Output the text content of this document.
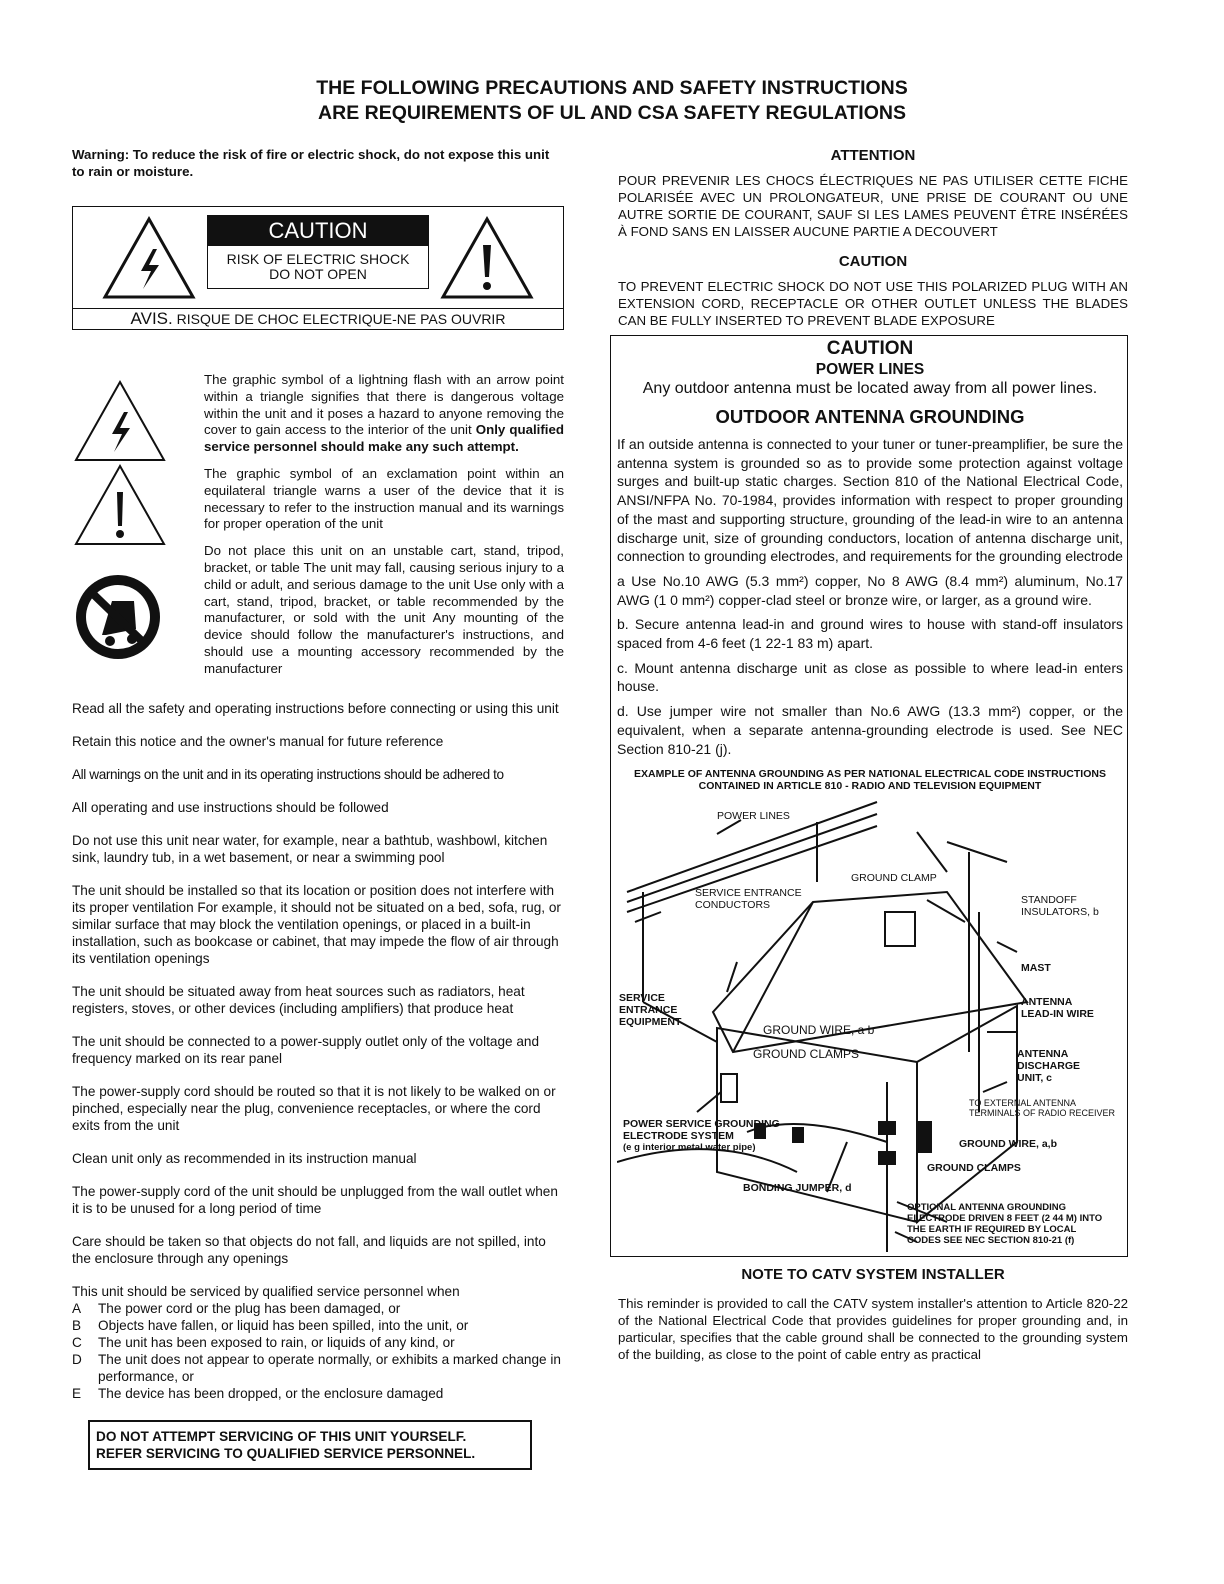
THE FOLLOWING PRECAUTIONS AND SAFETY INSTRUCTIONS
ARE REQUIREMENTS OF UL AND CSA SAFETY REGULATIONS
Warning: To reduce the risk of fire or electric shock, do not expose this unit to rain or moisture.
CAUTION
RISK OF ELECTRIC SHOCK
DO NOT OPEN
AVIS. RISQUE DE CHOC ELECTRIQUE-NE PAS OUVRIR
The graphic symbol of a lightning flash with an arrow point within a triangle signifies that there is dangerous voltage within the unit and it poses a hazard to anyone removing the cover to gain access to the interior of the unit Only qualified service personnel should make any such attempt.
The graphic symbol of an exclamation point within an equilateral triangle warns a user of the device that it is necessary to refer to the instruction manual and its warnings for proper operation of the unit
Do not place this unit on an unstable cart, stand, tripod, bracket, or table The unit may fall, causing serious injury to a child or adult, and serious damage to the unit Use only with a cart, stand, tripod, bracket, or table recommended by the manufacturer, or sold with the unit Any mounting of the device should follow the manufacturer's instructions, and should use a mounting accessory recommended by the manufacturer

Read all the safety and operating instructions before connecting or using this unit

Retain this notice and the owner's manual for future reference

All warnings on the unit and in its operating instructions should be adhered to

All operating and use instructions should be followed

Do not use this unit near water, for example, near a bathtub, washbowl, kitchen sink, laundry tub, in a wet basement, or near a swimming pool

The unit should be installed so that its location or position does not interfere with its proper ventilation For example, it should not be situated on a bed, sofa, rug, or similar surface that may block the ventilation openings, or placed in a built-in installation, such as bookcase or cabinet, that may impede the flow of air through its ventilation openings

The unit should be situated away from heat sources such as radiators, heat registers, stoves, or other devices (including amplifiers) that produce heat

The unit should be connected to a power-supply outlet only of the voltage and frequency marked on its rear panel

The power-supply cord should be routed so that it is not likely to be walked on or pinched, especially near the plug, convenience receptacles, or where the cord exits from the unit

Clean unit only as recommended in its instruction manual

The power-supply cord of the unit should be unplugged from the wall outlet when it is to be unused for a long period of time

Care should be taken so that objects do not fall, and liquids are not spilled, into the enclosure through any openings

This unit should be serviced by qualified service personnel when

A	The power cord or the plug has been damaged, or
B	Objects have fallen, or liquid has been spilled, into the unit, or
C	The unit has been exposed to rain, or liquids of any kind, or
D	The unit does not appear to operate normally, or exhibits a marked change in performance, or
E	The device has been dropped, or the enclosure damaged
DO NOT ATTEMPT SERVICING OF THIS UNIT YOURSELF.
REFER SERVICING TO QUALIFIED SERVICE PERSONNEL.
ATTENTION
POUR PREVENIR LES CHOCS ÉLECTRIQUES NE PAS UTILISER CETTE FICHE POLARISÉE AVEC UN PROLONGATEUR, UNE PRISE DE COURANT OU UNE AUTRE SORTIE DE COURANT, SAUF SI LES LAMES PEUVENT ÊTRE INSÉRÉES À FOND SANS EN LAISSER AUCUNE PARTIE A DECOUVERT
CAUTION
TO PREVENT ELECTRIC SHOCK DO NOT USE THIS POLARIZED PLUG WITH AN EXTENSION CORD, RECEPTACLE OR OTHER OUTLET UNLESS THE BLADES CAN BE FULLY INSERTED TO PREVENT BLADE EXPOSURE
CAUTION
POWER LINES
Any outdoor antenna must be located away from all power lines.
OUTDOOR ANTENNA GROUNDING
If an outside antenna is connected to your tuner or tuner-preamplifier, be sure the antenna system is grounded so as to provide some protection against voltage surges and built-up static charges. Section 810 of the National Electrical Code, ANSI/NFPA No. 70-1984, provides information with respect to proper grounding of the mast and supporting structure, grounding of the lead-in wire to an antenna discharge unit, size of grounding conductors, location of antenna discharge unit, connection to grounding electrodes, and requirements for the grounding electrode
a Use No.10 AWG (5.3 mm²) copper, No 8 AWG (8.4 mm²) aluminum, No.17 AWG (1 0 mm²) copper-clad steel or bronze wire, or larger, as a ground wire.
b. Secure antenna lead-in and ground wires to house with stand-off insulators spaced from 4-6 feet (1 22-1 83 m) apart.
c. Mount antenna discharge unit as close as possible to where lead-in enters house.
d. Use jumper wire not smaller than No.6 AWG (13.3 mm²) copper, or the equivalent, when a separate antenna-grounding electrode is used. See NEC Section 810-21 (j).
EXAMPLE OF ANTENNA GROUNDING AS PER NATIONAL ELECTRICAL CODE INSTRUCTIONS
CONTAINED IN ARTICLE 810 - RADIO AND TELEVISION EQUIPMENT
POWER LINES
GROUND CLAMP
SERVICE ENTRANCE
CONDUCTORS	STANDOFF
INSULATORS, b
MAST
SERVICE
ENTRANCE
EQUIPMENT
ANTENNA
LEAD-IN WIRE
GROUND WIRE, a b
GROUND CLAMPS	ANTENNA
DISCHARGE
UNIT, c
TO EXTERNAL ANTENNA
TERMINALS OF RADIO RECEIVER
POWER SERVICE GROUNDING
ELECTRODE SYSTEM
(e g interior metal water pipe)	GROUND WIRE, a,b
GROUND CLAMPS
BONDING JUMPER, d
OPTIONAL ANTENNA GROUNDING
ELECTRODE DRIVEN 8 FEET (2 44 M) INTO
THE EARTH IF REQUIRED BY LOCAL
CODES SEE NEC SECTION 810-21 (f)
NOTE TO CATV SYSTEM INSTALLER
This reminder is provided to call the CATV system installer's attention to Article 820-22 of the National Electrical Code that provides guidelines for proper grounding and, in particular, specifies that the cable ground shall be connected to the grounding system of the building, as close to the point of cable entry as practical
